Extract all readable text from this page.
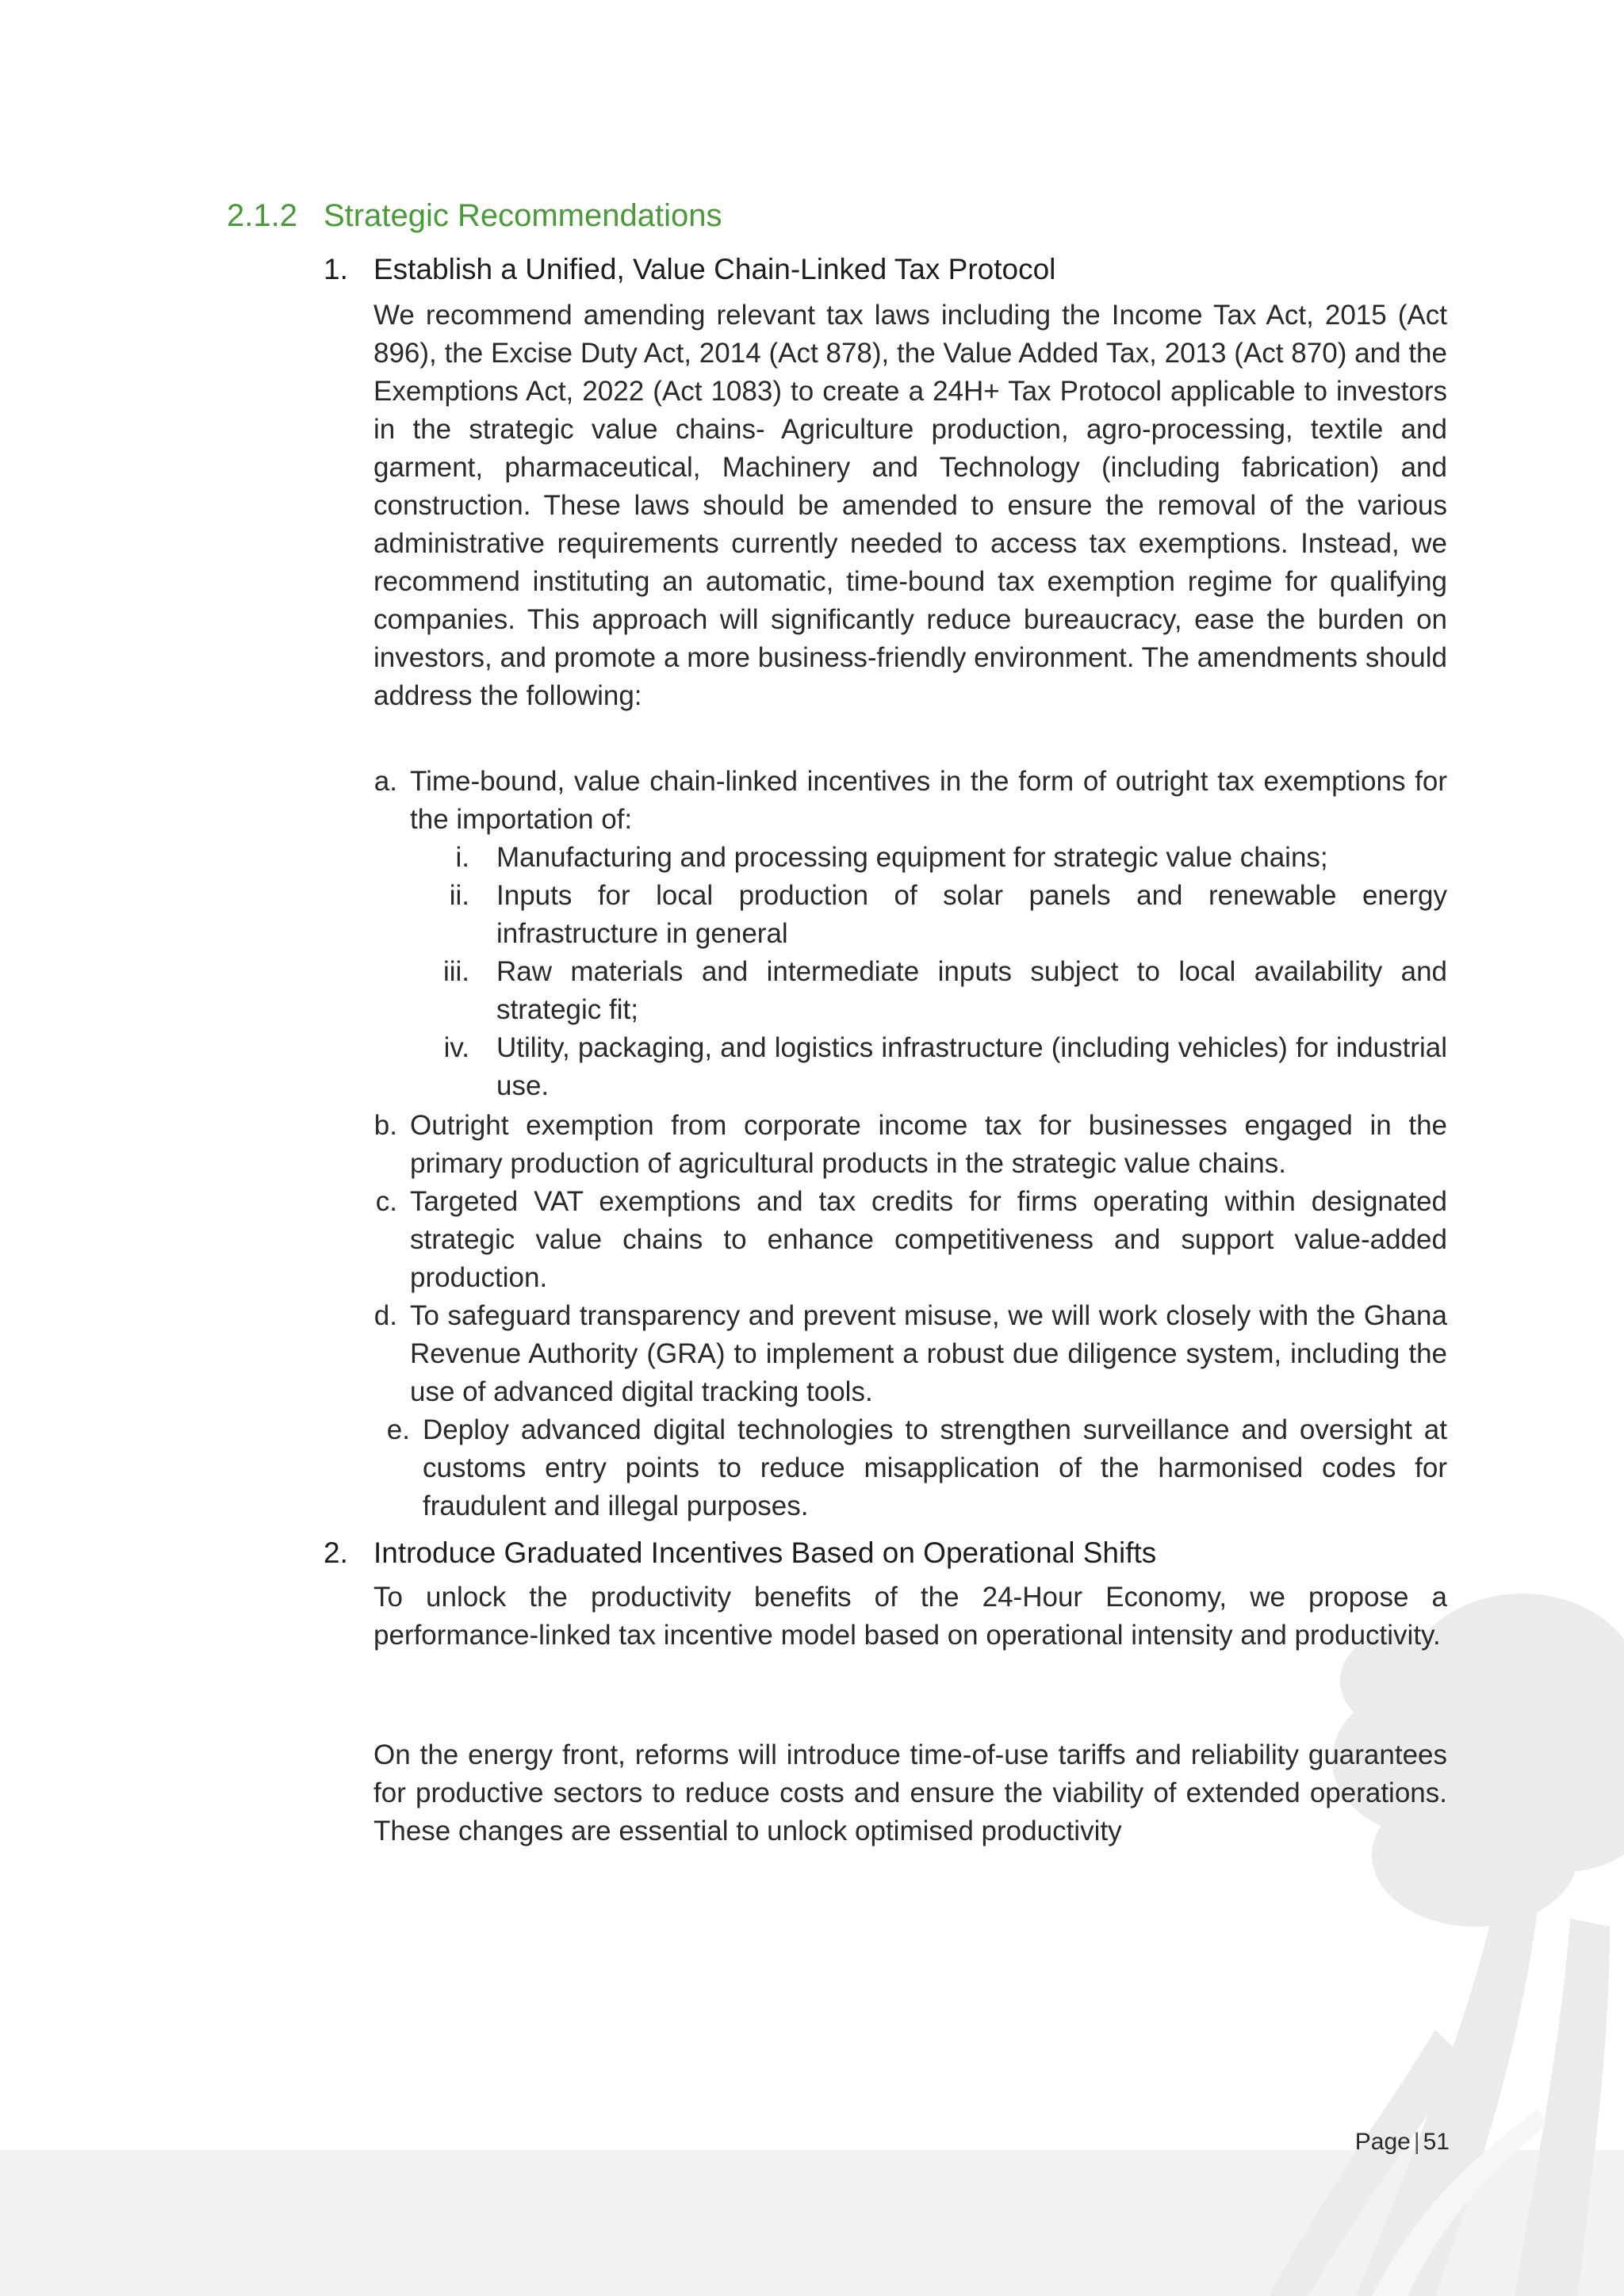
2.1.2 Strategic Recommendations
1. Establish a Unified, Value Chain-Linked Tax Protocol

We recommend amending relevant tax laws including the Income Tax Act, 2015 (Act 896), the Excise Duty Act, 2014 (Act 878), the Value Added Tax, 2013 (Act 870) and the Exemptions Act, 2022 (Act 1083) to create a 24H+ Tax Protocol applicable to investors in the strategic value chains- Agriculture production, agro-processing, textile and garment, pharmaceutical, Machinery and Technology (including fabrication) and construction. These laws should be amended to ensure the removal of the various administrative requirements currently needed to access tax exemptions. Instead, we recommend instituting an automatic, time-bound tax exemption regime for qualifying companies. This approach will significantly reduce bureaucracy, ease the burden on investors, and promote a more business-friendly environment. The amendments should address the following:

a. Time-bound, value chain-linked incentives in the form of outright tax exemptions for the importation of:
i. Manufacturing and processing equipment for strategic value chains;
ii. Inputs for local production of solar panels and renewable energy infrastructure in general
iii. Raw materials and intermediate inputs subject to local availability and strategic fit;
iv. Utility, packaging, and logistics infrastructure (including vehicles) for industrial use.
b. Outright exemption from corporate income tax for businesses engaged in the primary production of agricultural products in the strategic value chains.
c. Targeted VAT exemptions and tax credits for firms operating within designated strategic value chains to enhance competitiveness and support value-added production.
d. To safeguard transparency and prevent misuse, we will work closely with the Ghana Revenue Authority (GRA) to implement a robust due diligence system, including the use of advanced digital tracking tools.
e. Deploy advanced digital technologies to strengthen surveillance and oversight at customs entry points to reduce misapplication of the harmonised codes for fraudulent and illegal purposes.
2. Introduce Graduated Incentives Based on Operational Shifts

To unlock the productivity benefits of the 24-Hour Economy, we propose a performance-linked tax incentive model based on operational intensity and productivity.

On the energy front, reforms will introduce time-of-use tariffs and reliability guarantees for productive sectors to reduce costs and ensure the viability of extended operations. These changes are essential to unlock optimised productivity

Page | 51
